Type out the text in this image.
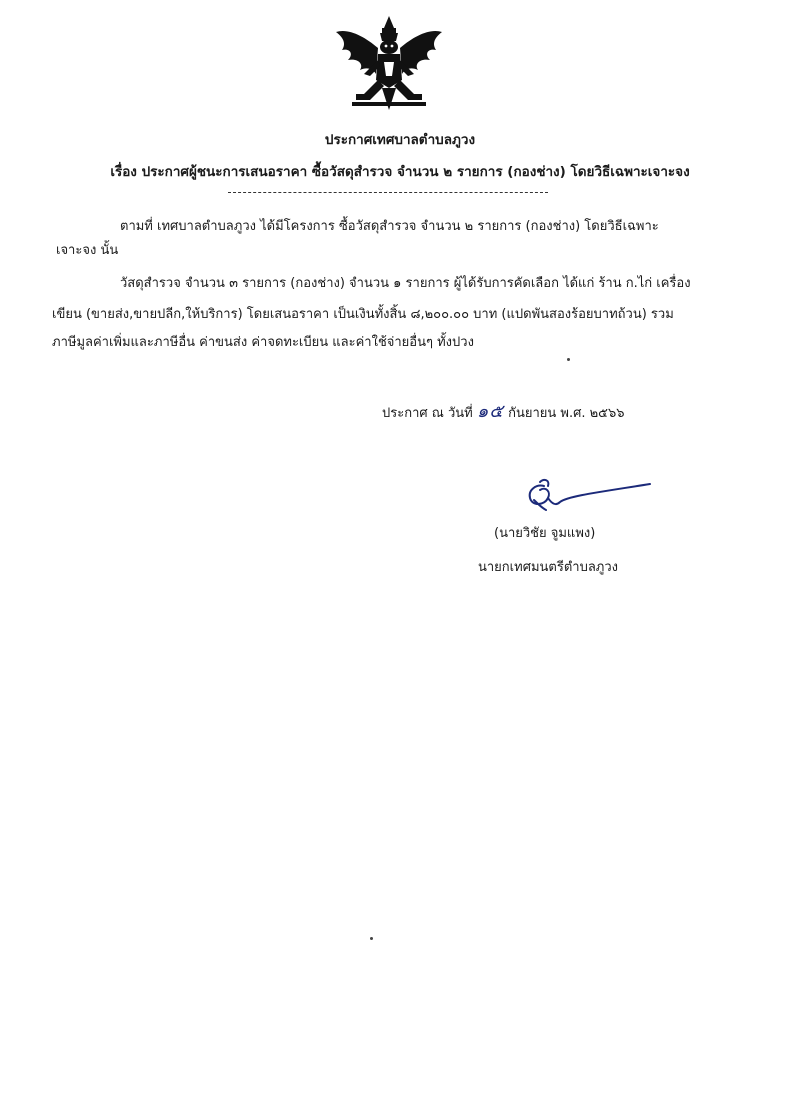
ประกาศเทศบาลตำบลภูวง
เรื่อง ประกาศผู้ชนะการเสนอราคา ซื้อวัสดุสำรวจ จำนวน ๒ รายการ (กองช่าง) โดยวิธีเฉพาะเจาะจง
ตามที่ เทศบาลตำบลภูวง ได้มีโครงการ ซื้อวัสดุสำรวจ จำนวน ๒ รายการ (กองช่าง) โดยวิธีเฉพาะ
เจาะจง นั้น
วัสดุสำรวจ จำนวน ๓ รายการ (กองช่าง) จำนวน ๑ รายการ ผู้ได้รับการคัดเลือก ได้แก่ ร้าน ก.ไก่ เครื่อง
เขียน (ขายส่ง,ขายปลีก,ให้บริการ) โดยเสนอราคา เป็นเงินทั้งสิ้น ๘,๒๐๐.๐๐ บาท (แปดพันสองร้อยบาทถ้วน) รวม
ภาษีมูลค่าเพิ่มและภาษีอื่น ค่าขนส่ง ค่าจดทะเบียน และค่าใช้จ่ายอื่นๆ ทั้งปวง
ประกาศ ณ วันที่ ๑๕ กันยายน พ.ศ. ๒๕๖๖
(นายวิชัย จูมแพง)
นายกเทศมนตรีตำบลภูวง
